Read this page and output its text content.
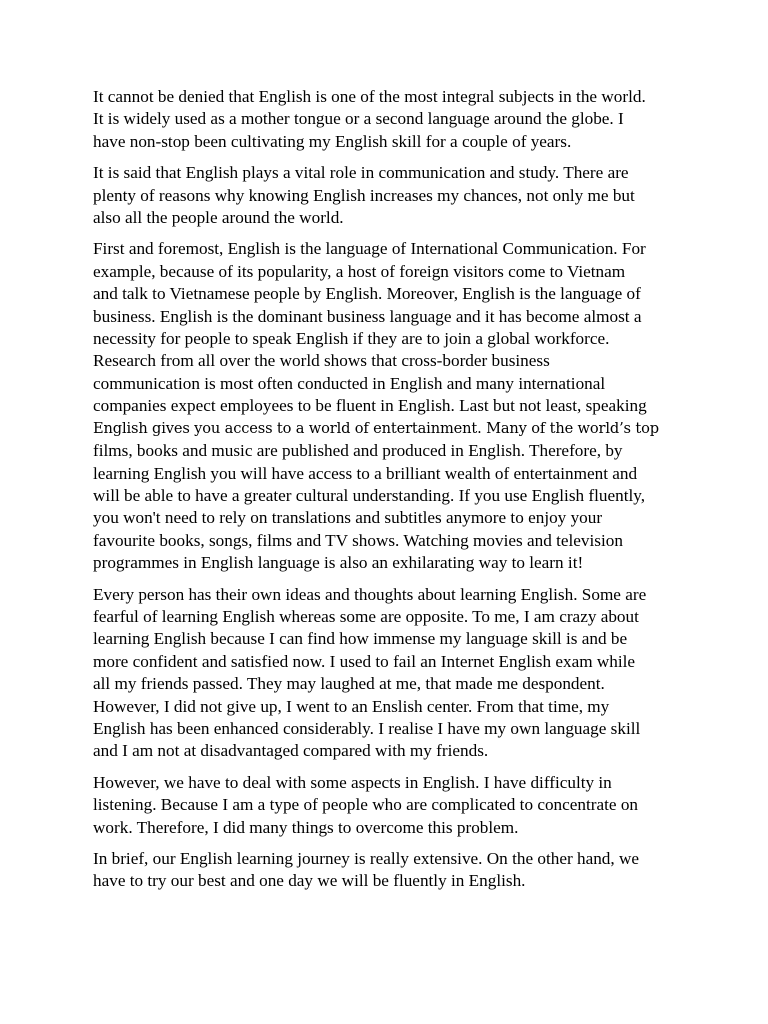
It cannot be denied that English is one of the most integral subjects in the world.
It is widely used as a mother tongue or a second language around the globe. I
have non-stop been cultivating my English skill for a couple of years.

It is said that English plays a vital role in communication and study. There are
plenty of reasons why knowing English increases my chances, not only me but
also all the people around the world.

First and foremost, English is the language of International Communication. For
example, because of its popularity, a host of foreign visitors come to Vietnam
and talk to Vietnamese people by English. Moreover, English is the language of
business. English is the dominant business language and it has become almost a
necessity for people to speak English if they are to join a global workforce.
Research from all over the world shows that cross-border business
communication is most often conducted in English and many international
companies expect employees to be fluent in English. Last but not least, speaking
English gives you access to a world of entertainment. Many of the world’s top
films, books and music are published and produced in English. Therefore, by
learning English you will have access to a brilliant wealth of entertainment and
will be able to have a greater cultural understanding. If you use English fluently,
you won't need to rely on translations and subtitles anymore to enjoy your
favourite books, songs, films and TV shows. Watching movies and television
programmes in English language is also an exhilarating way to learn it!

Every person has their own ideas and thoughts about learning English. Some are
fearful of learning English whereas some are opposite. To me, I am crazy about
learning English because I can find how immense my language skill is and be
more confident and satisfied now. I used to fail an Internet English exam while
all my friends passed. They may laughed at me, that made me despondent.
However, I did not give up, I went to an Enslish center. From that time, my
English has been enhanced considerably. I realise I have my own language skill
and I am not at disadvantaged compared with my friends.

However, we have to deal with some aspects in English. I have difficulty in
listening. Because I am a type of people who are complicated to concentrate on
work. Therefore, I did many things to overcome this problem.

In brief, our English learning journey is really extensive. On the other hand, we
have to try our best and one day we will be fluently in English.
